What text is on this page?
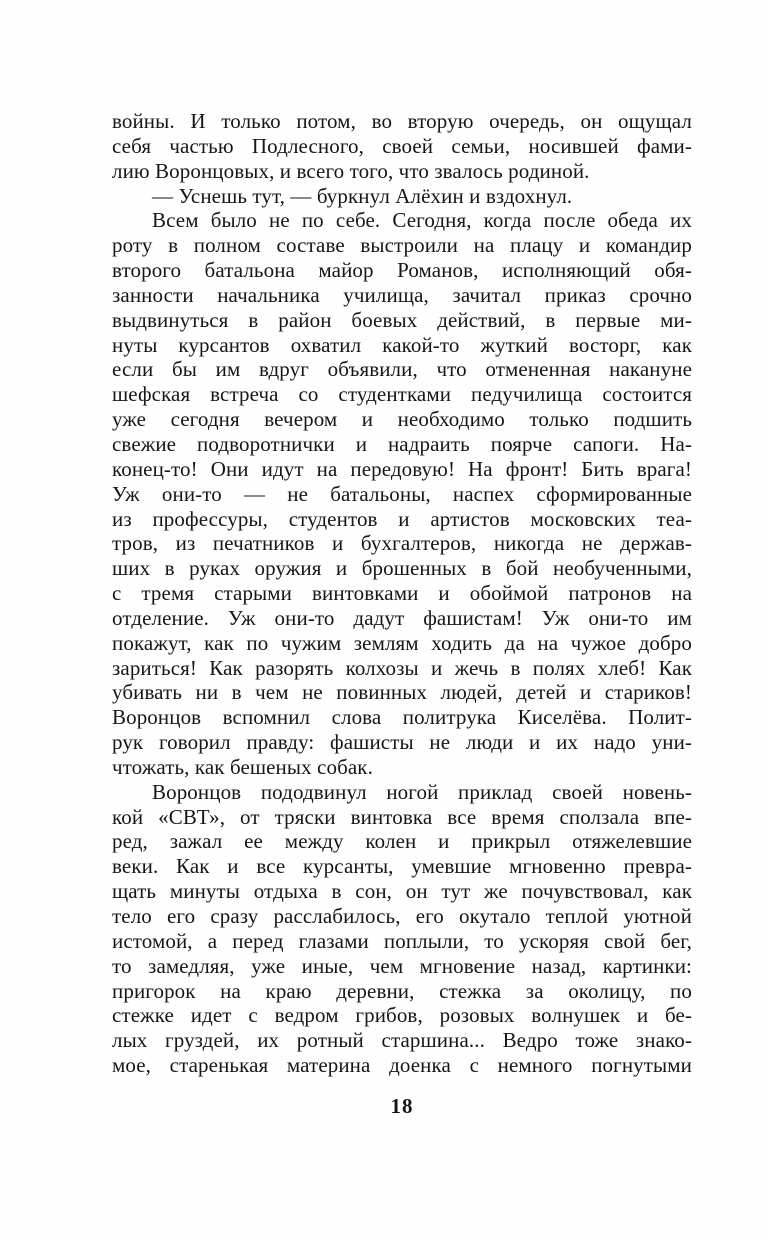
войны. И только потом, во вторую очередь, он ощущал
себя частью Подлесного, своей семьи, носившей фами-
лию Воронцовых, и всего того, что звалось родиной.
— Уснешь тут, — буркнул Алёхин и вздохнул.
Всем было не по себе. Сегодня, когда после обеда их
роту в полном составе выстроили на плацу и командир
второго батальона майор Романов, исполняющий обя-
занности начальника училища, зачитал приказ срочно
выдвинуться в район боевых действий, в первые ми-
нуты курсантов охватил какой-то жуткий восторг, как
если бы им вдруг объявили, что отмененная накануне
шефская встреча со студентками педучилища состоится
уже сегодня вечером и необходимо только подшить
свежие подворотнички и надраить поярче сапоги. На-
конец-то! Они идут на передовую! На фронт! Бить врага!
Уж они-то — не батальоны, наспех сформированные
из профессуры, студентов и артистов московских теа-
тров, из печатников и бухгалтеров, никогда не держав-
ших в руках оружия и брошенных в бой необученными,
с тремя старыми винтовками и обоймой патронов на
отделение. Уж они-то дадут фашистам! Уж они-то им
покажут, как по чужим землям ходить да на чужое добро
зариться! Как разорять колхозы и жечь в полях хлеб! Как
убивать ни в чем не повинных людей, детей и стариков!
Воронцов вспомнил слова политрука Киселёва. Полит-
рук говорил правду: фашисты не люди и их надо уни-
чтожать, как бешеных собак.
Воронцов пододвинул ногой приклад своей новень-
кой «СВТ», от тряски винтовка все время сползала впе-
ред, зажал ее между колен и прикрыл отяжелевшие
веки. Как и все курсанты, умевшие мгновенно превра-
щать минуты отдыха в сон, он тут же почувствовал, как
тело его сразу расслабилось, его окутало теплой уютной
истомой, а перед глазами поплыли, то ускоряя свой бег,
то замедляя, уже иные, чем мгновение назад, картинки:
пригорок на краю деревни, стежка за околицу, по
стежке идет с ведром грибов, розовых волнушек и бе-
лых груздей, их ротный старшина... Ведро тоже знако-
мое, старенькая материна доенка с немного погнутыми
18
